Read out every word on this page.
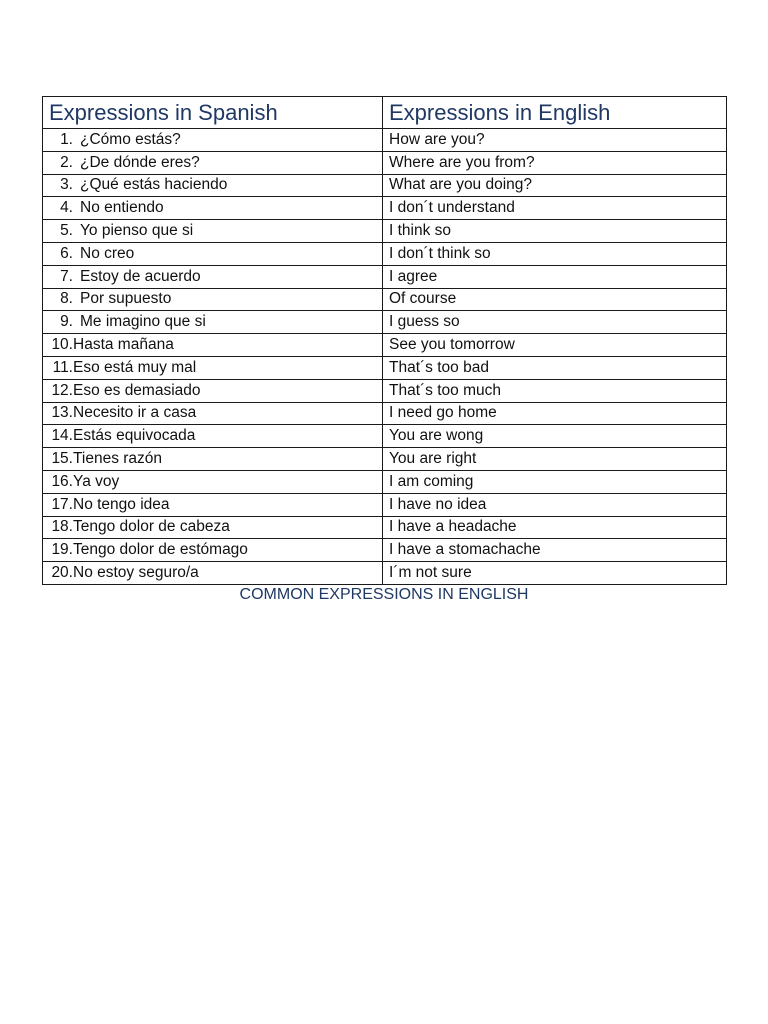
Expressions in Spanish	Expressions in English
1. ¿Cómo estás?	How are you?
2. ¿De dónde eres?	Where are you from?
3. ¿Qué estás haciendo	What are you doing?
4. No entiendo	I don´t understand
5. Yo pienso que si	I think so
6. No creo	I don´t think so
7. Estoy de acuerdo	I agree
8. Por supuesto	Of course
9. Me imagino que si	I guess so
10.Hasta mañana	See you tomorrow
11.Eso está muy mal	That´s too bad
12.Eso es demasiado	That´s too much
13.Necesito ir a casa	I need go home
14.Estás equivocada	You are wong
15.Tienes razón	You are right
16.Ya voy	I am coming
17.No tengo idea	I have no idea
18.Tengo dolor de cabeza	I have a headache
19.Tengo dolor de estómago	I have a stomachache
20.No estoy seguro/a	I´m not sure
COMMON EXPRESSIONS IN ENGLISH
